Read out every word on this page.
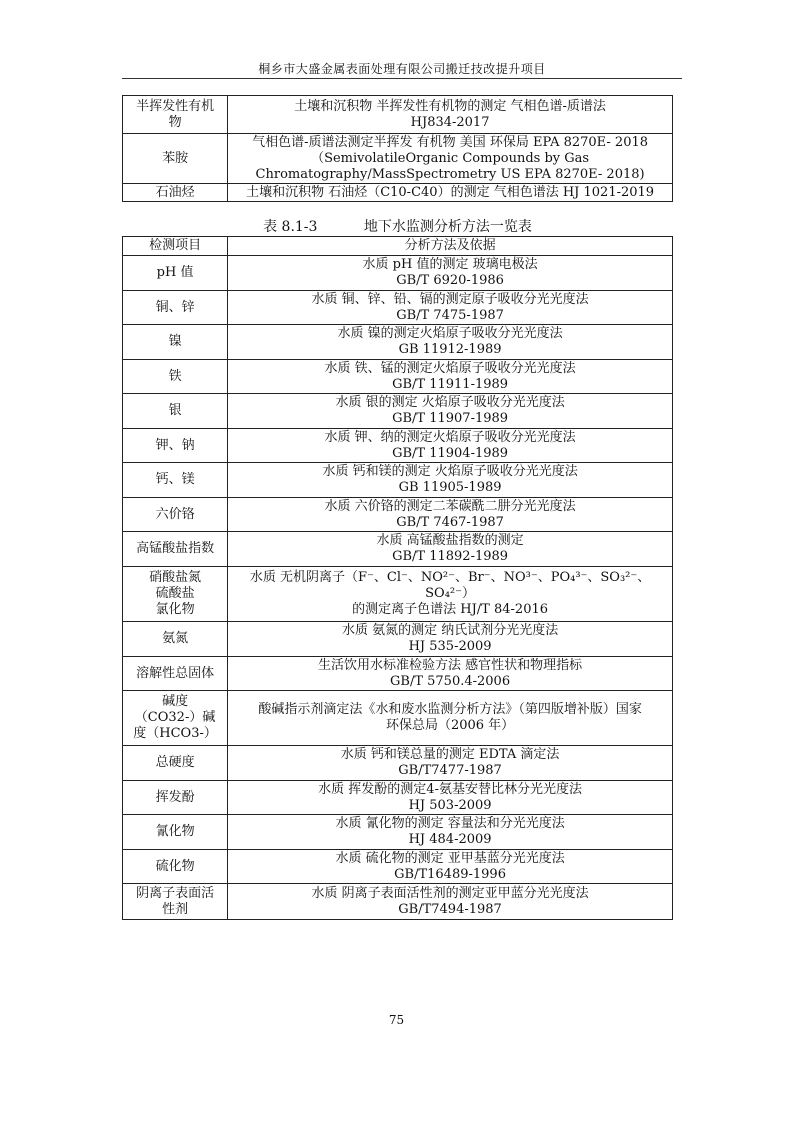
桐乡市大盛金属表面处理有限公司搬迁技改提升项目
半挥发性有机
物	土壤和沉积物 半挥发性有机物的测定 气相色谱-质谱法
HJ834-2017

苯胺	气相色谱-质谱法测定半挥发 有机物 美国 环保局 EPA 8270E- 2018
（SemivolatileOrganic Compounds by Gas
Chromatography/MassSpectrometry US EPA 8270E- 2018)

石油烃	土壤和沉积物 石油烃（C10-C40）的测定 气相色谱法 HJ 1021-2019
表 8.1-3	地下水监测分析方法一览表
检测项目	分析方法及依据

pH 值	水质 pH 值的测定 玻璃电极法
GB/T 6920-1986

铜、锌	水质 铜、锌、铅、镉的测定原子吸收分光光度法
GB/T 7475-1987

镍	水质 镍的测定火焰原子吸收分光光度法
GB 11912-1989

铁	水质 铁、锰的测定火焰原子吸收分光光度法
GB/T 11911-1989

银	水质 银的测定 火焰原子吸收分光光度法
GB/T 11907-1989

钾、钠	水质 钾、纳的测定火焰原子吸收分光光度法
GB/T 11904-1989

钙、镁	水质 钙和镁的测定 火焰原子吸收分光光度法
GB 11905-1989

六价铬	水质 六价铬的测定二苯碳酰二肼分光光度法
GB/T 7467-1987

高锰酸盐指数	水质 高锰酸盐指数的测定
GB/T 11892-1989

硝酸盐氮
硫酸盐
氯化物	水质 无机阴离子（F⁻、Cl⁻、NO²⁻、Br⁻、NO³⁻、PO₄³⁻、SO₃²⁻、SO₄²⁻）
的测定离子色谱法 HJ/T 84-2016

氨氮	水质 氨氮的测定 纳氏试剂分光光度法
HJ 535-2009

溶解性总固体	生活饮用水标准检验方法 感官性状和物理指标
GB/T 5750.4-2006

碱度
（CO32-）碱
度（HCO3-）	酸碱指示剂滴定法《水和废水监测分析方法》（第四版增补版）国家
环保总局（2006 年）

总硬度	水质 钙和镁总量的测定 EDTA 滴定法
GB/T7477-1987

挥发酚	水质 挥发酚的测定4-氨基安替比林分光光度法
HJ 503-2009

氰化物	水质 氰化物的测定 容量法和分光光度法
HJ 484-2009

硫化物	水质 硫化物的测定 亚甲基蓝分光光度法
GB/T16489-1996

阴离子表面活
性剂	水质 阴离子表面活性剂的测定亚甲蓝分光光度法
GB/T7494-1987
75
